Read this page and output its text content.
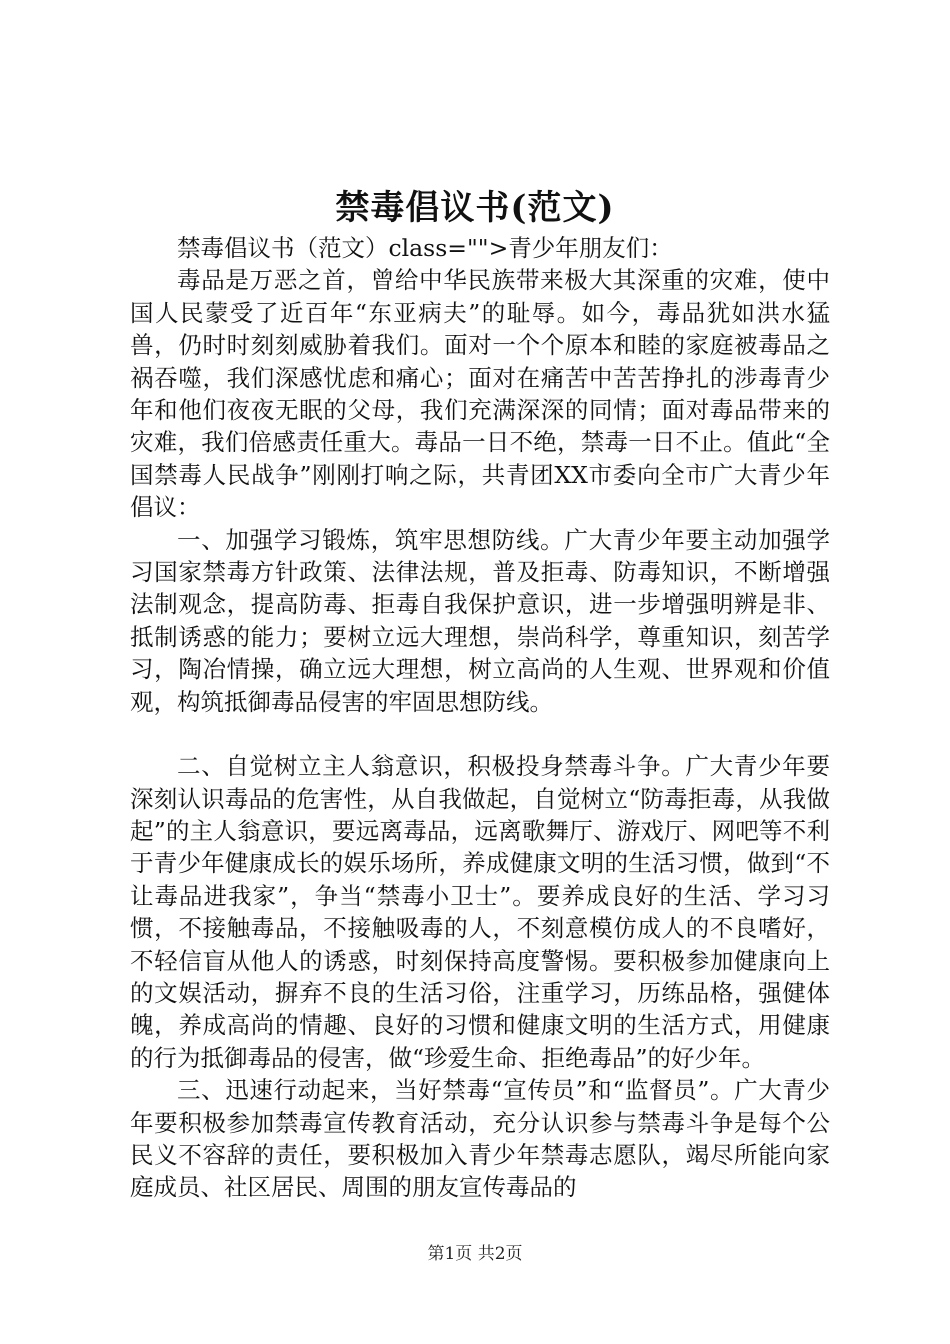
禁毒倡议书(范文)

禁毒倡议书（范文）class="">青少年朋友们：

毒品是万恶之首，曾给中华民族带来极大其深重的灾难，使中国人民蒙受了近百年“东亚病夫”的耻辱。如今，毒品犹如洪水猛兽，仍时时刻刻威胁着我们。面对一个个原本和睦的家庭被毒品之祸吞噬，我们深感忧虑和痛心；面对在痛苦中苦苦挣扎的涉毒青少年和他们夜夜无眠的父母，我们充满深深的同情；面对毒品带来的灾难，我们倍感责任重大。毒品一日不绝，禁毒一日不止。值此“全国禁毒人民战争”刚刚打响之际，共青团XX市委向全市广大青少年倡议：

一、加强学习锻炼，筑牢思想防线。广大青少年要主动加强学习国家禁毒方针政策、法律法规，普及拒毒、防毒知识，不断增强法制观念，提高防毒、拒毒自我保护意识，进一步增强明辨是非、抵制诱惑的能力；要树立远大理想，崇尚科学，尊重知识，刻苦学习，陶冶情操，确立远大理想，树立高尚的人生观、世界观和价值观，构筑抵御毒品侵害的牢固思想防线。

二、自觉树立主人翁意识，积极投身禁毒斗争。广大青少年要深刻认识毒品的危害性，从自我做起，自觉树立“防毒拒毒，从我做起”的主人翁意识，要远离毒品，远离歌舞厅、游戏厅、网吧等不利于青少年健康成长的娱乐场所，养成健康文明的生活习惯，做到“不让毒品进我家”，争当“禁毒小卫士”。要养成良好的生活、学习习惯，不接触毒品，不接触吸毒的人，不刻意模仿成人的不良嗜好，不轻信盲从他人的诱惑，时刻保持高度警惕。要积极参加健康向上的文娱活动，摒弃不良的生活习俗，注重学习，历练品格，强健体魄，养成高尚的情趣、良好的习惯和健康文明的生活方式，用健康的行为抵御毒品的侵害，做“珍爱生命、拒绝毒品”的好少年。

三、迅速行动起来，当好禁毒“宣传员”和“监督员”。广大青少年要积极参加禁毒宣传教育活动，充分认识参与禁毒斗争是每个公民义不容辞的责任，要积极加入青少年禁毒志愿队，竭尽所能向家庭成员、社区居民、周围的朋友宣传毒品的

第1页 共2页
